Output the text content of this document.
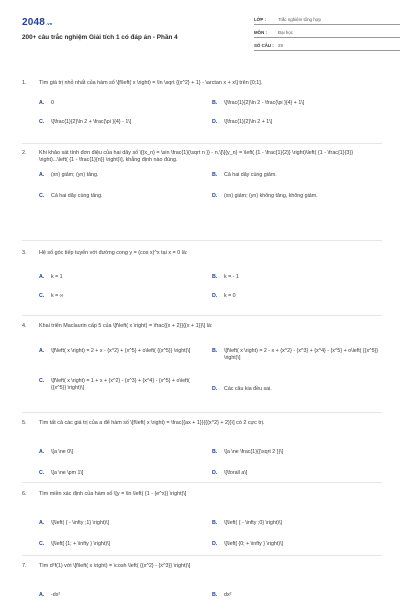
2048.vn
200+ câu trắc nghiệm Giải tích 1 có đáp án - Phần 4
LỚP :	Trắc nghiệm tổng hợp
MÔN :	Đại học
SỐ CÂU : 29
1.	Tìm giá trị nhỏ nhất của hàm số \[f\left( x \right) = \ln \sqrt {{x^2} + 1} - \arctan x + x\] trên [0;1].
A.	0	B.	\[\frac{1}{2}\ln 2 - \frac{\pi }{4} + 1\]
C.	\[\frac{1}{2}\ln 2 + \frac{\pi }{4} - 1\]	D.	\[\frac{1}{2}\ln 2 + 1\]
2.	Khi khảo sát tính đơn điệu của hai dãy số \[{x_n} = \sin \frac{1}{\sqrt n }} - n,\[\]{y_n} = \left( {1 - \frac{1}{2}} \right)\left( {1 - \frac{1}{3}} \right)...\left( {1 - \frac{1}{n}} \right)\], khẳng định nào đúng.
A.	(xn) giảm; (yn) tăng.	B.	Cả hai dãy cùng giảm.
C.	Cả hai dãy cùng tăng.	D.	(xn) giảm; (yn) không tăng, không giảm.
3.	Hệ số góc tiếp tuyến với đường cong y = (cos x)^x tại x = 0 là:
A.	k = 1	B.	k = - 1
C.	k = ∞	D.	k = 0
4.	Khai triển Maclaurin cấp 5 của \[f\left( x \right) = \frac{{x + 2}}{{x + 1}}\] là:
A.	\[f\left( x \right) = 2 + x - {x^2} + {x^5} + o\left( {{x^5}} \right)\]	B.	\[f\left( x \right) = 2 - x + {x^2} - {x^3} + {x^4} - {x^5} + o\left( {{x^5}} \right)\]
C.	\[f\left( x \right) = 1 + x + {x^2} - {x^3} + {x^4} - {x^5} + o\left( {{x^5}} \right)\]	D.	Các câu kia đều sai.
5.	Tìm tất cả các giá trị của a để hàm số \[f\left( x \right) = \frac{{ax + 1}}{{{x^2} + 2}}\] có 2 cực trị.
A.	\[a \ne 0\]	B.	\[a \ne \frac{1}{{\sqrt 2 }}\]
C.	\[a \ne \pm 1\]	D.	\[\forall a\]
6.	Tìm miền xác định của hàm số \[y = \ln \left( {1 - {e^x}} \right)\]
A.	\[\left( { - \infty ;1} \right)\]	B.	\[\left( { - \infty ;0} \right)\]
C.	\[\left[ {1; + \infty } \right)\]	D.	\[\left[ {0; + \infty } \right)\]
7.	Tìm d²f(1) với \[f\left( x \right) = \cosh \left( {{x^2} - {x^3}} \right)\]
A.	-dx²	B.	dx²
